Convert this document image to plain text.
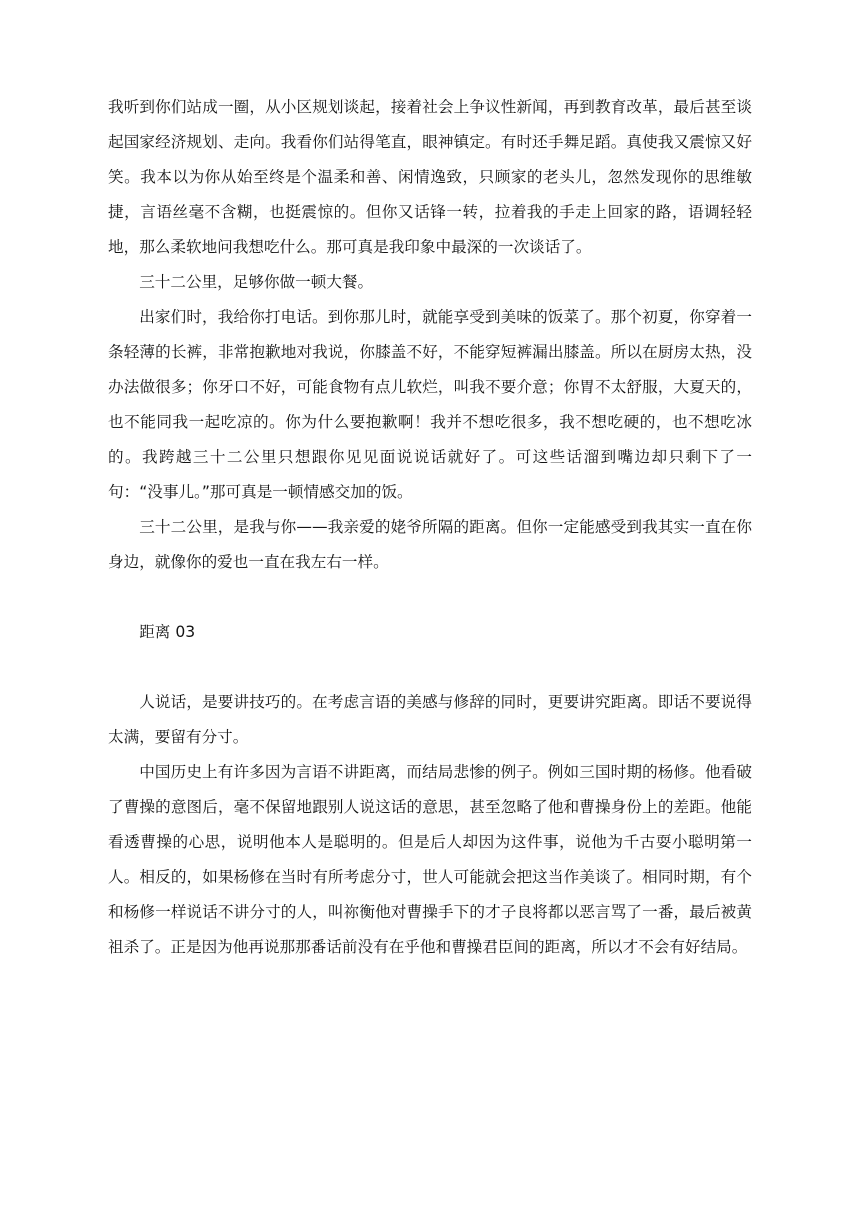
我听到你们站成一圈，从小区规划谈起，接着社会上争议性新闻，再到教育改革，最后甚至谈起国家经济规划、走向。我看你们站得笔直，眼神镇定。有时还手舞足蹈。真使我又震惊又好笑。我本以为你从始至终是个温柔和善、闲情逸致，只顾家的老头儿，忽然发现你的思维敏捷，言语丝毫不含糊，也挺震惊的。但你又话锋一转，拉着我的手走上回家的路，语调轻轻地，那么柔软地问我想吃什么。那可真是我印象中最深的一次谈话了。

三十二公里，足够你做一顿大餐。

出家们时，我给你打电话。到你那儿时，就能享受到美味的饭菜了。那个初夏，你穿着一条轻薄的长裤，非常抱歉地对我说，你膝盖不好，不能穿短裤漏出膝盖。所以在厨房太热，没办法做很多；你牙口不好，可能食物有点儿软烂，叫我不要介意；你胃不太舒服，大夏天的，也不能同我一起吃凉的。你为什么要抱歉啊！我并不想吃很多，我不想吃硬的，也不想吃冰的。我跨越三十二公里只想跟你见见面说说话就好了。可这些话溜到嘴边却只剩下了一句：“没事儿。”那可真是一顿情感交加的饭。

三十二公里，是我与你——我亲爱的姥爷所隔的距离。但你一定能感受到我其实一直在你身边，就像你的爱也一直在我左右一样。

距离 03

人说话，是要讲技巧的。在考虑言语的美感与修辞的同时，更要讲究距离。即话不要说得太满，要留有分寸。

中国历史上有许多因为言语不讲距离，而结局悲惨的例子。例如三国时期的杨修。他看破了曹操的意图后，毫不保留地跟别人说这话的意思，甚至忽略了他和曹操身份上的差距。他能看透曹操的心思，说明他本人是聪明的。但是后人却因为这件事，说他为千古耍小聪明第一人。相反的，如果杨修在当时有所考虑分寸，世人可能就会把这当作美谈了。相同时期，有个和杨修一样说话不讲分寸的人，叫祢衡他对曹操手下的才子良将都以恶言骂了一番，最后被黄祖杀了。正是因为他再说那那番话前没有在乎他和曹操君臣间的距离，所以才不会有好结局。
